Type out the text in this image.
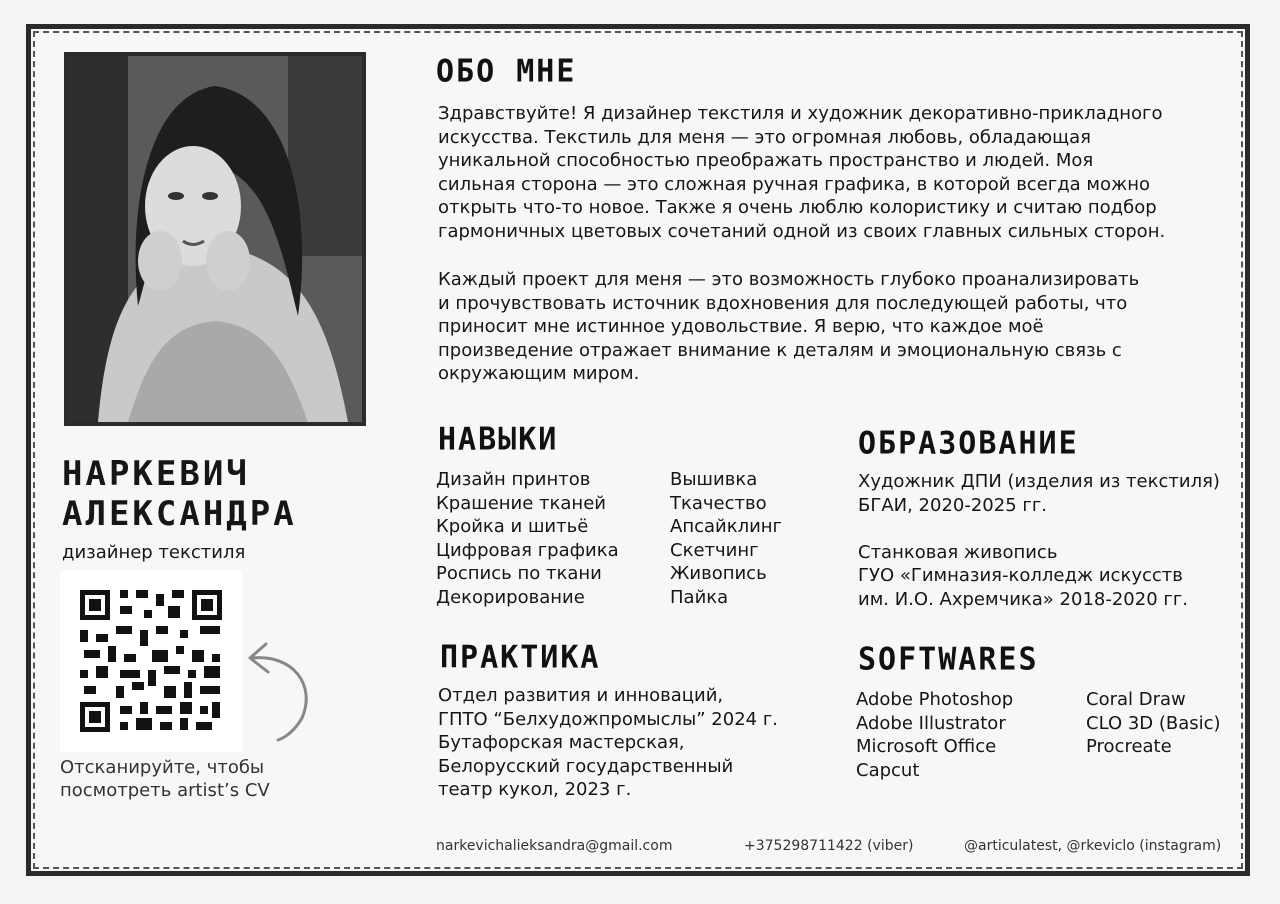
НАРКЕВИЧ
АЛЕКСАНДРА
дизайнер текстиля
Отсканируйте, чтобы
посмотреть artist’s CV
ОБО МНЕ
Здравствуйте! Я дизайнер текстиля и художник декоративно-прикладного
искусства. Текстиль для меня — это огромная любовь, обладающая
уникальной способностью преображать пространство и людей. Моя
сильная сторона — это сложная ручная графика, в которой всегда можно
открыть что-то новое. Также я очень люблю колористику и считаю подбор
гармоничных цветовых сочетаний одной из своих главных сильных сторон.
Каждый проект для меня — это возможность глубоко проанализировать
и прочувствовать источник вдохновения для последующей работы, что
приносит мне истинное удовольствие. Я верю, что каждое моё
произведение отражает внимание к деталям и эмоциональную связь с
окружающим миром.
НАВЫКИ
Дизайн принтов
Крашение тканей
Кройка и шитьё
Цифровая графика
Роспись по ткани
Декорирование
Вышивка
Ткачество
Апсайклинг
Скетчинг
Живопись
Пайка
ОБРАЗОВАНИЕ
Художник ДПИ (изделия из текстиля)
БГАИ, 2020-2025 гг.

Станковая живопись
ГУО «Гимназия-колледж искусств
им. И.О. Ахремчика» 2018-2020 гг.
ПРАКТИКА
Отдел развития и инноваций,
ГПТО “Белхудожпромыслы” 2024 г.
Бутафорская мастерская,
Белорусский государственный
театр кукол, 2023 г.
SOFTWARES
Adobe Photoshop
Adobe Illustrator
Microsoft Office
Capcut
Coral Draw
CLO 3D (Basic)
Procreate
narkevichalieksandra@gmail.com	+375298711422 (viber)	@articulatest, @rkeviclo (instagram)
